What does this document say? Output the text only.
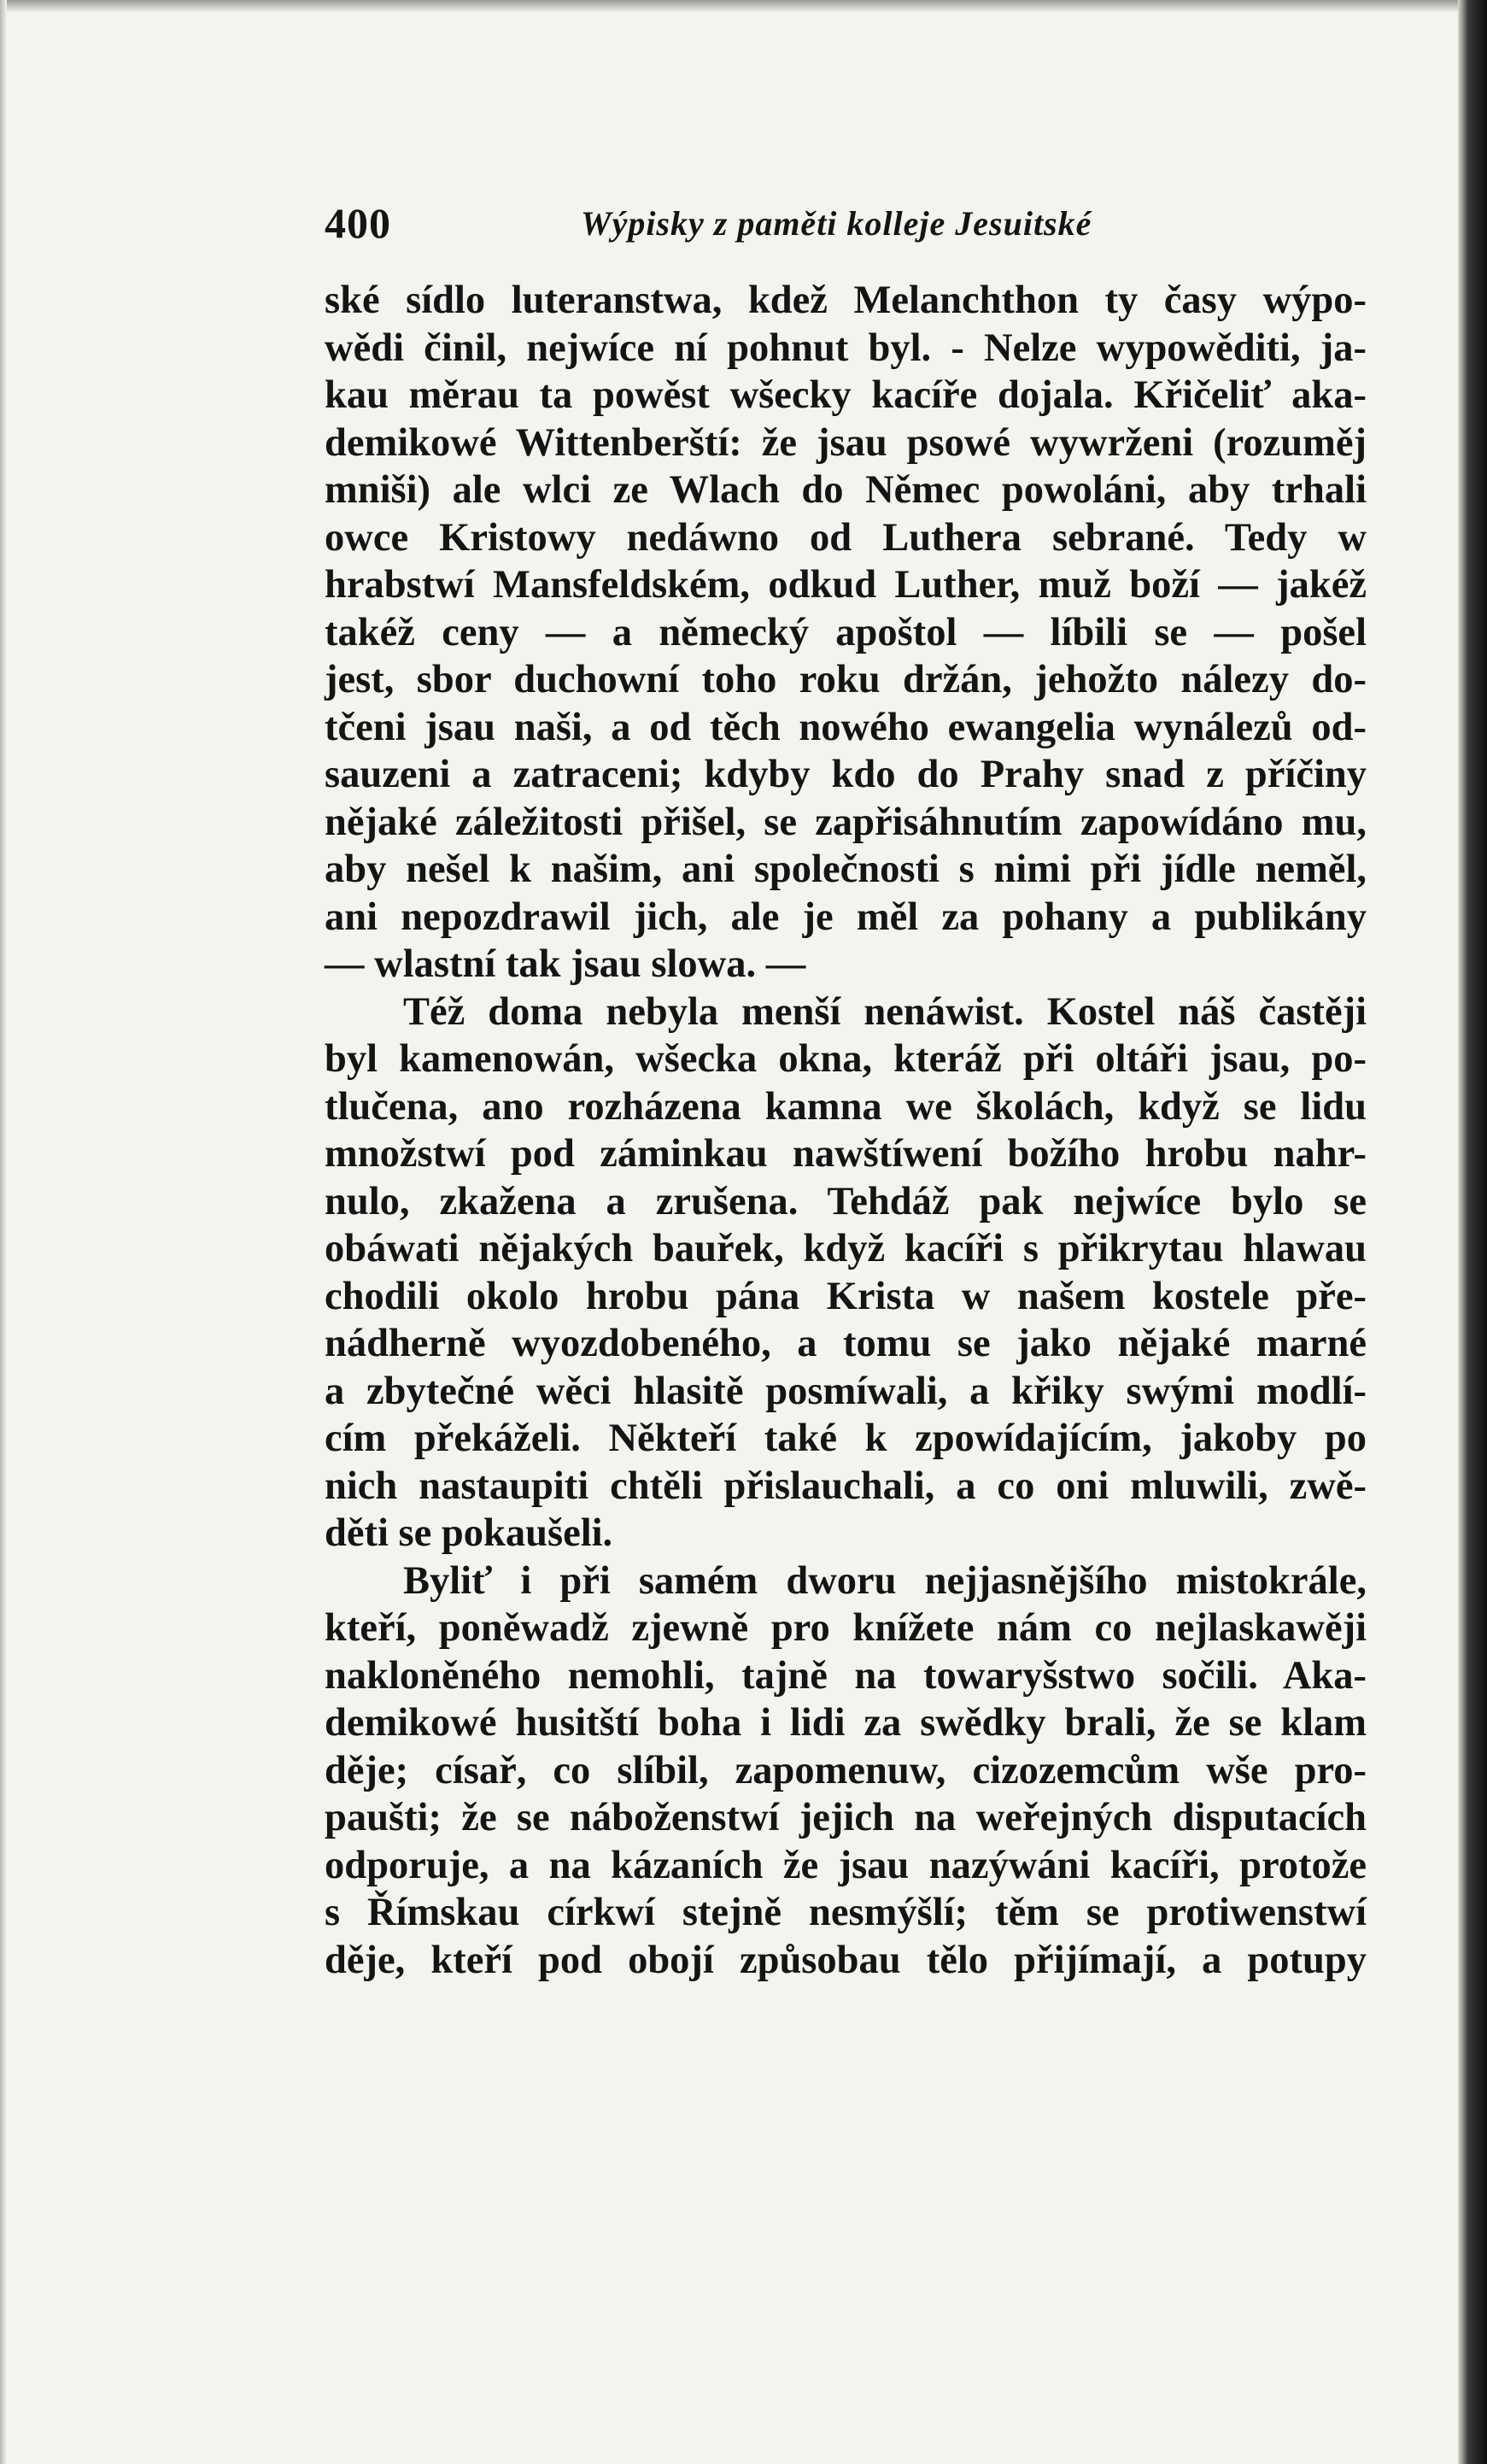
400	Wýpisky z paměti kolleje Jesuitské

ské sídlo luteranstwa, kdež Melanchthon ty časy wýpo-
wědi činil, nejwíce ní pohnut byl. - Nelze wypowěditi, ja-
kau měrau ta powěst wšecky kacíře dojala. Křičeliť aka-
demikowé Wittenberští: že jsau psowé wywrženi (rozuměj
mniši) ale wlci ze Wlach do Němec powoláni, aby trhali
owce Kristowy nedáwno od Luthera sebrané. Tedy w
hrabstwí Mansfeldském, odkud Luther, muž boží — jakéž
takéž ceny — a německý apoštol — líbili se — pošel
jest, sbor duchowní toho roku držán, jehožto nálezy do-
tčeni jsau naši, a od těch nowého ewangelia wynálezů od-
sauzeni a zatraceni; kdyby kdo do Prahy snad z příčiny
nějaké záležitosti přišel, se zapřisáhnutím zapowídáno mu,
aby nešel k našim, ani společnosti s nimi při jídle neměl,
ani nepozdrawil jich, ale je měl za pohany a publikány
— wlastní tak jsau slowa. —

Též doma nebyla menší nenáwist. Kostel náš častěji
byl kamenowán, wšecka okna, kteráž při oltáři jsau, po-
tlučena, ano rozházena kamna we školách, když se lidu
množstwí pod záminkau nawštíwení božího hrobu nahr-
nulo, zkažena a zrušena. Tehdáž pak nejwíce bylo se
obáwati nějakých bauřek, když kacíři s přikrytau hlawau
chodili okolo hrobu pána Krista w našem kostele pře-
nádherně wyozdobeného, a tomu se jako nějaké marné
a zbytečné wěci hlasitě posmíwali, a křiky swými modlí-
cím překáželi. Někteří také k zpowídajícím, jakoby po
nich nastaupiti chtěli přislauchali, a co oni mluwili, zwě-
děti se pokaušeli.

Byliť i při samém dworu nejjasnějšího mistokrále,
kteří, poněwadž zjewně pro knížete nám co nejlaskawěji
nakloněného nemohli, tajně na towaryšstwo sočili. Aka-
demikowé husitští boha i lidi za swědky brali, že se klam
děje; císař, co slíbil, zapomenuw, cizozemcům wše pro-
paušti; že se náboženstwí jejich na weřejných disputacích
odporuje, a na kázaních že jsau nazýwáni kacíři, protože
s Římskau církwí stejně nesmýšlí; těm se protiwenstwí
děje, kteří pod obojí způsobau tělo přijímají, a potupy
